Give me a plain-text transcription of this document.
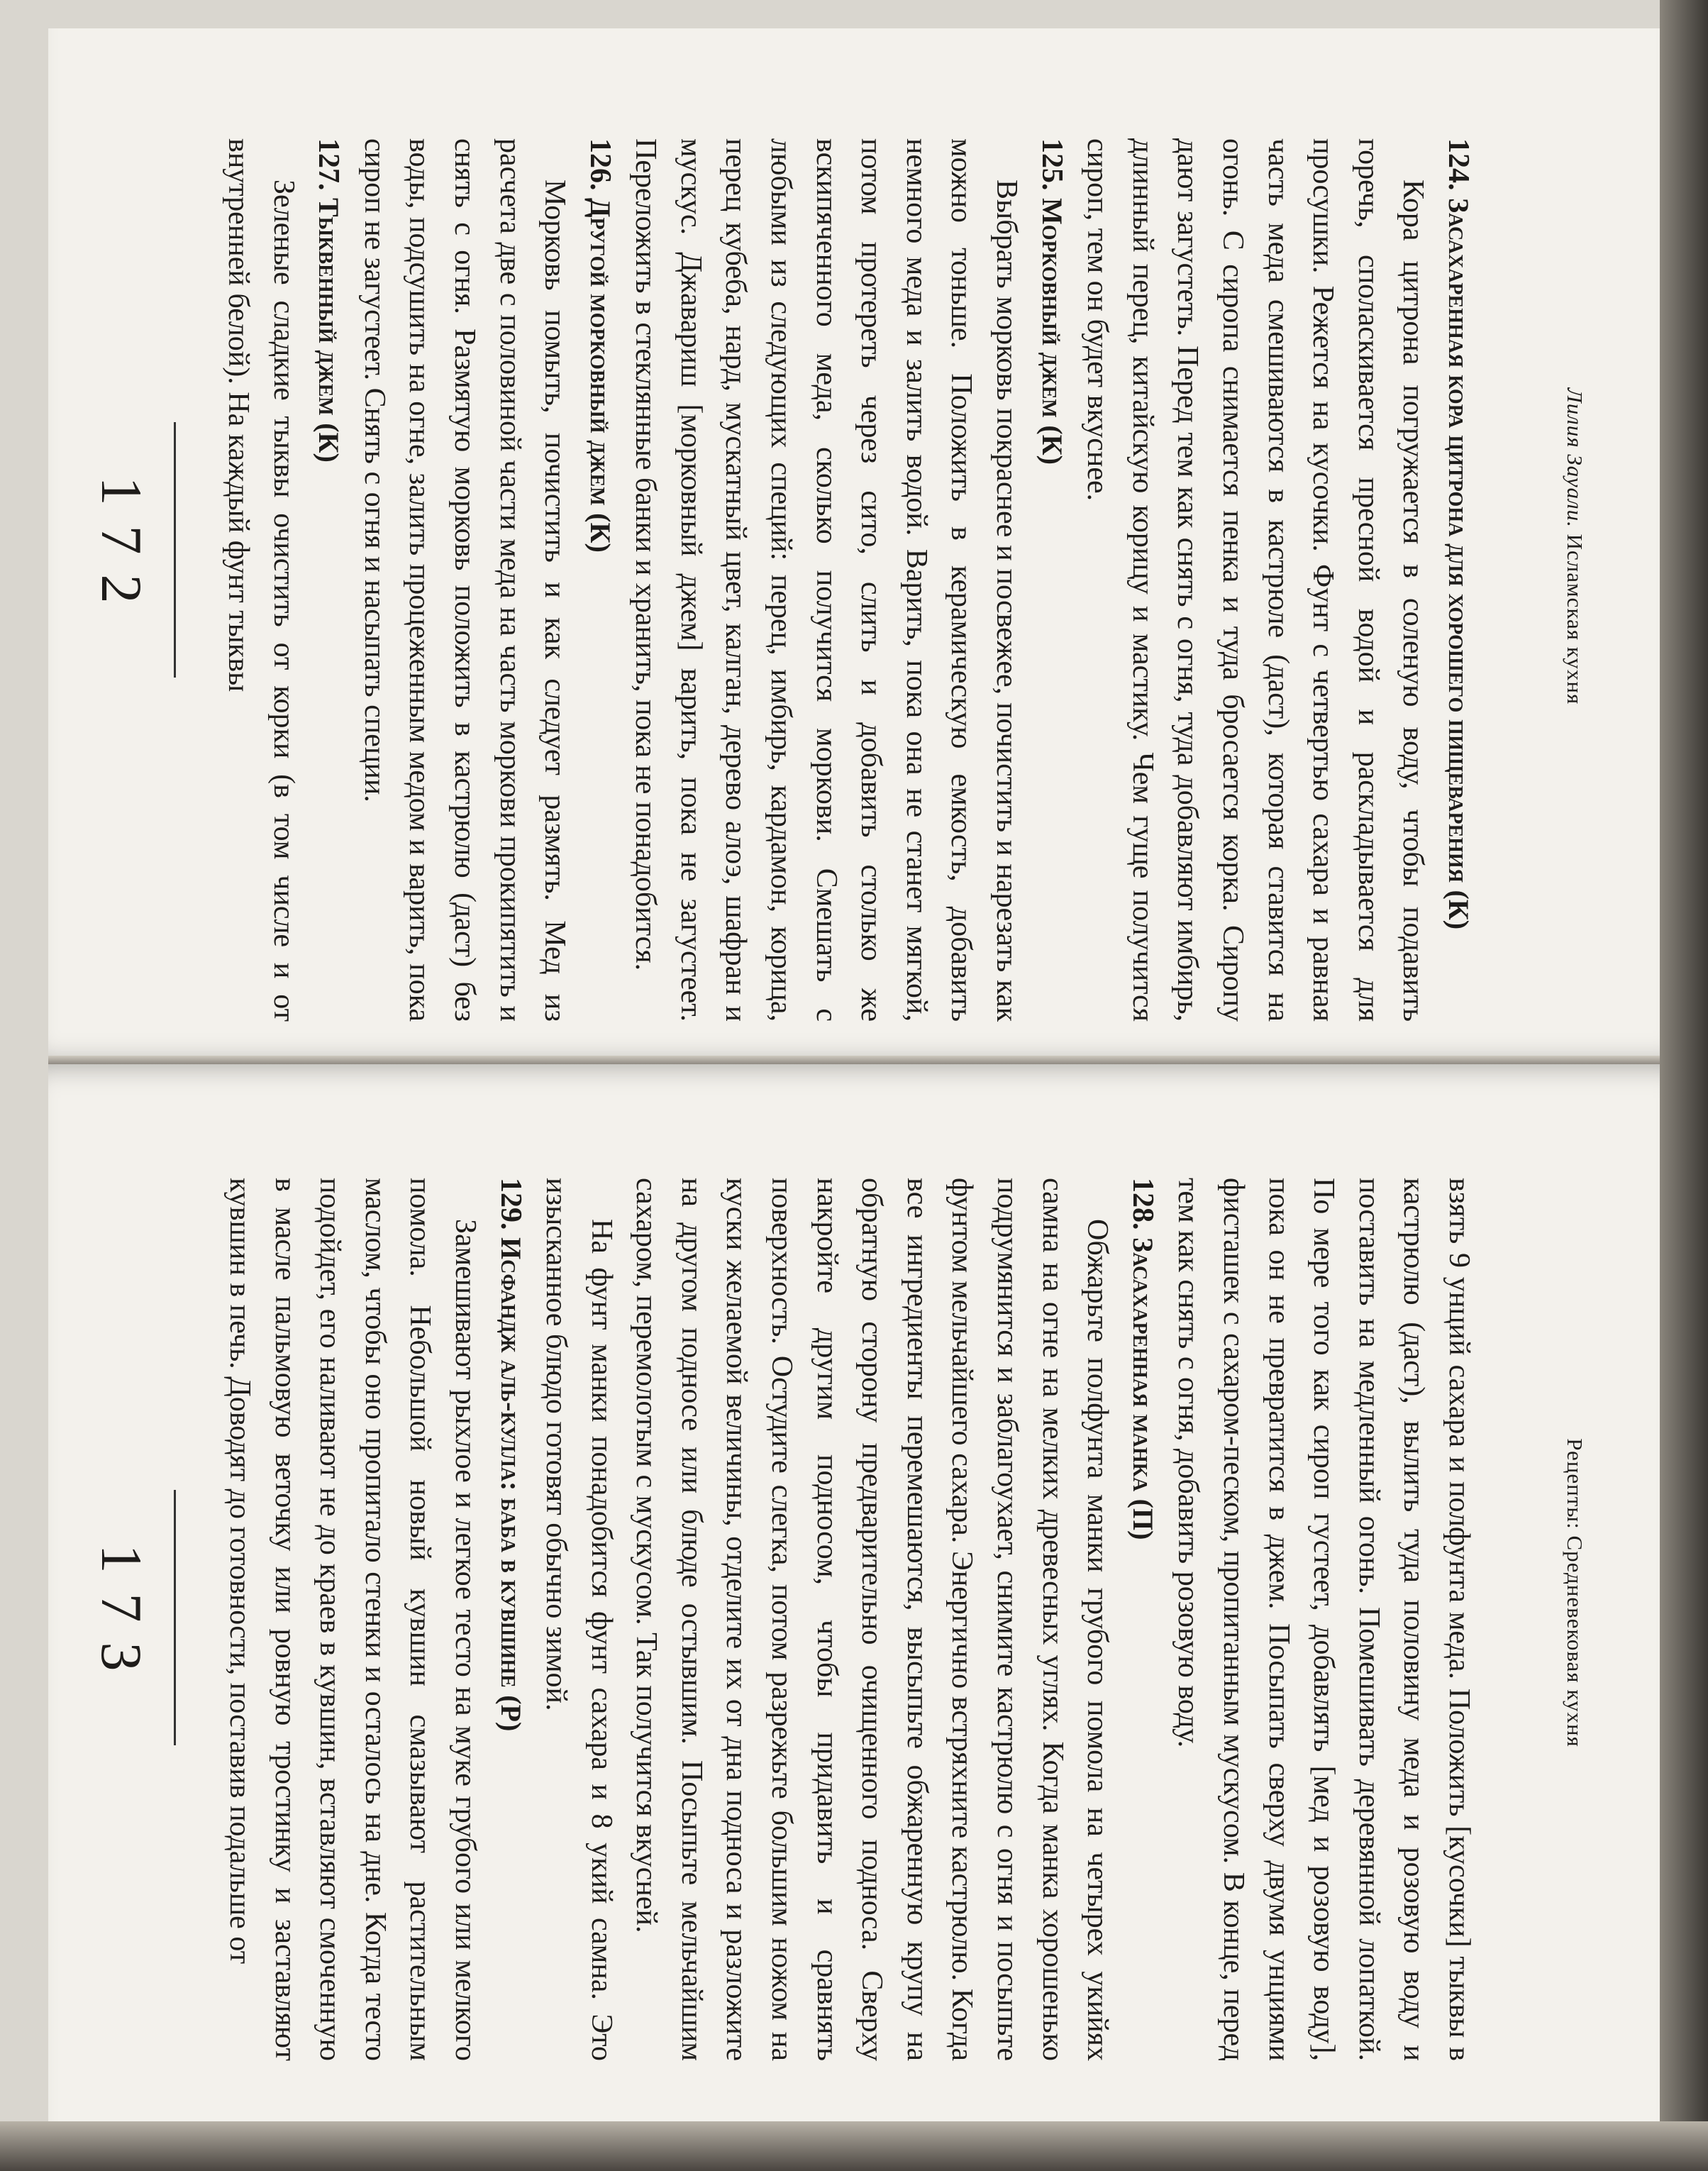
Лилия Зауали. Исламская кухня

124. Засахаренная кора цитрона для хорошего пищеварения (К)

Кора цитрона погружается в соленую воду, чтобы подавить горечь, споласкивается пресной водой и раскладывается для просушки. Режется на кусочки. Фунт с четвертью сахара и равная часть меда смешиваются в кастрюле (даст), которая ставится на огонь. С сиропа снимается пенка и туда бросается корка. Сиропу дают загустеть. Перед тем как снять с огня, туда добавляют имбирь, длинный перец, китайскую корицу и мастику. Чем гуще получится сироп, тем он будет вкуснее.

125. Морковный джем (К)

Выбрать морковь покраснее и посвежее, почистить и нарезать как можно тоньше. Положить в керамическую емкость, добавить немного меда и залить водой. Варить, пока она не станет мягкой, потом протереть через сито, слить и добавить столько же вскипяченного меда, сколько получится моркови. Смешать с любыми из следующих специй: перец, имбирь, кардамон, корица, перец кубеба, нард, мускатный цвет, калган, дерево алоэ, шафран и мускус. Джавариш [морковный джем] варить, пока не загустеет. Переложить в стеклянные банки и хранить, пока не понадобится.

126. Другой морковный джем (К)

Морковь помыть, почистить и как следует размять. Мед из расчета две с половиной части меда на часть моркови прокипятить и снять с огня. Размятую морковь положить в кастрюлю (даст) без воды, подсушить на огне, залить процеженным медом и варить, пока сироп не загустеет. Снять с огня и насыпать специи.

127. Тыквенный джем (К)

Зеленые сладкие тыквы очистить от корки (в том числе и от внутренней белой). На каждый фунт тыквы

172
Рецепты: Средневековая кухня

взять 9 унций сахара и полфунта меда. Положить [кусочки] тыквы в кастрюлю (даст), вылить туда половину меда и розовую воду и поставить на медленный огонь. Помешивать деревянной лопаткой. По мере того как сироп густеет, добавлять [мед и розовую воду], пока он не превратится в джем. Посыпать сверху двумя унциями фисташек с сахаром-песком, пропитанным мускусом. В конце, перед тем как снять с огня, добавить розовую воду.

128. Засахаренная манка (П)

Обжарьте полфунта манки грубого помола на четырех укийях самна на огне на мелких древесных углях. Когда манка хорошенько подрумянится и заблагоухает, снимите кастрюлю с огня и посыпьте фунтом мельчайшего сахара. Энергично встряхните кастрюлю. Когда все ингредиенты перемешаются, высыпьте обжаренную крупу на обратную сторону предварительно очищенного подноса. Сверху накройте другим подносом, чтобы придавить и сравнять поверхность. Остудите слегка, потом разрежьте большим ножом на куски желаемой величины, отделите их от дна подноса и разложите на другом подносе или блюде остывшим. Посыпьте мельчайшим сахаром, перемолотым с мускусом. Так получится вкусней.

На фунт манки понадобится фунт сахара и 8 укий самна. Это изысканное блюдо готовят обычно зимой.

129. Исфандж аль-кулла: баба в кувшине (Р)

Замешивают рыхлое и легкое тесто на муке грубого или мелкого помола. Небольшой новый кувшин смазывают растительным маслом, чтобы оно пропитало стенки и осталось на дне. Когда тесто подойдет, его наливают не до краев в кувшин, вставляют смоченную в масле пальмовую веточку или ровную тростинку и заставляют кувшин в печь. Доводят до готовности, поставив подальше от

173
